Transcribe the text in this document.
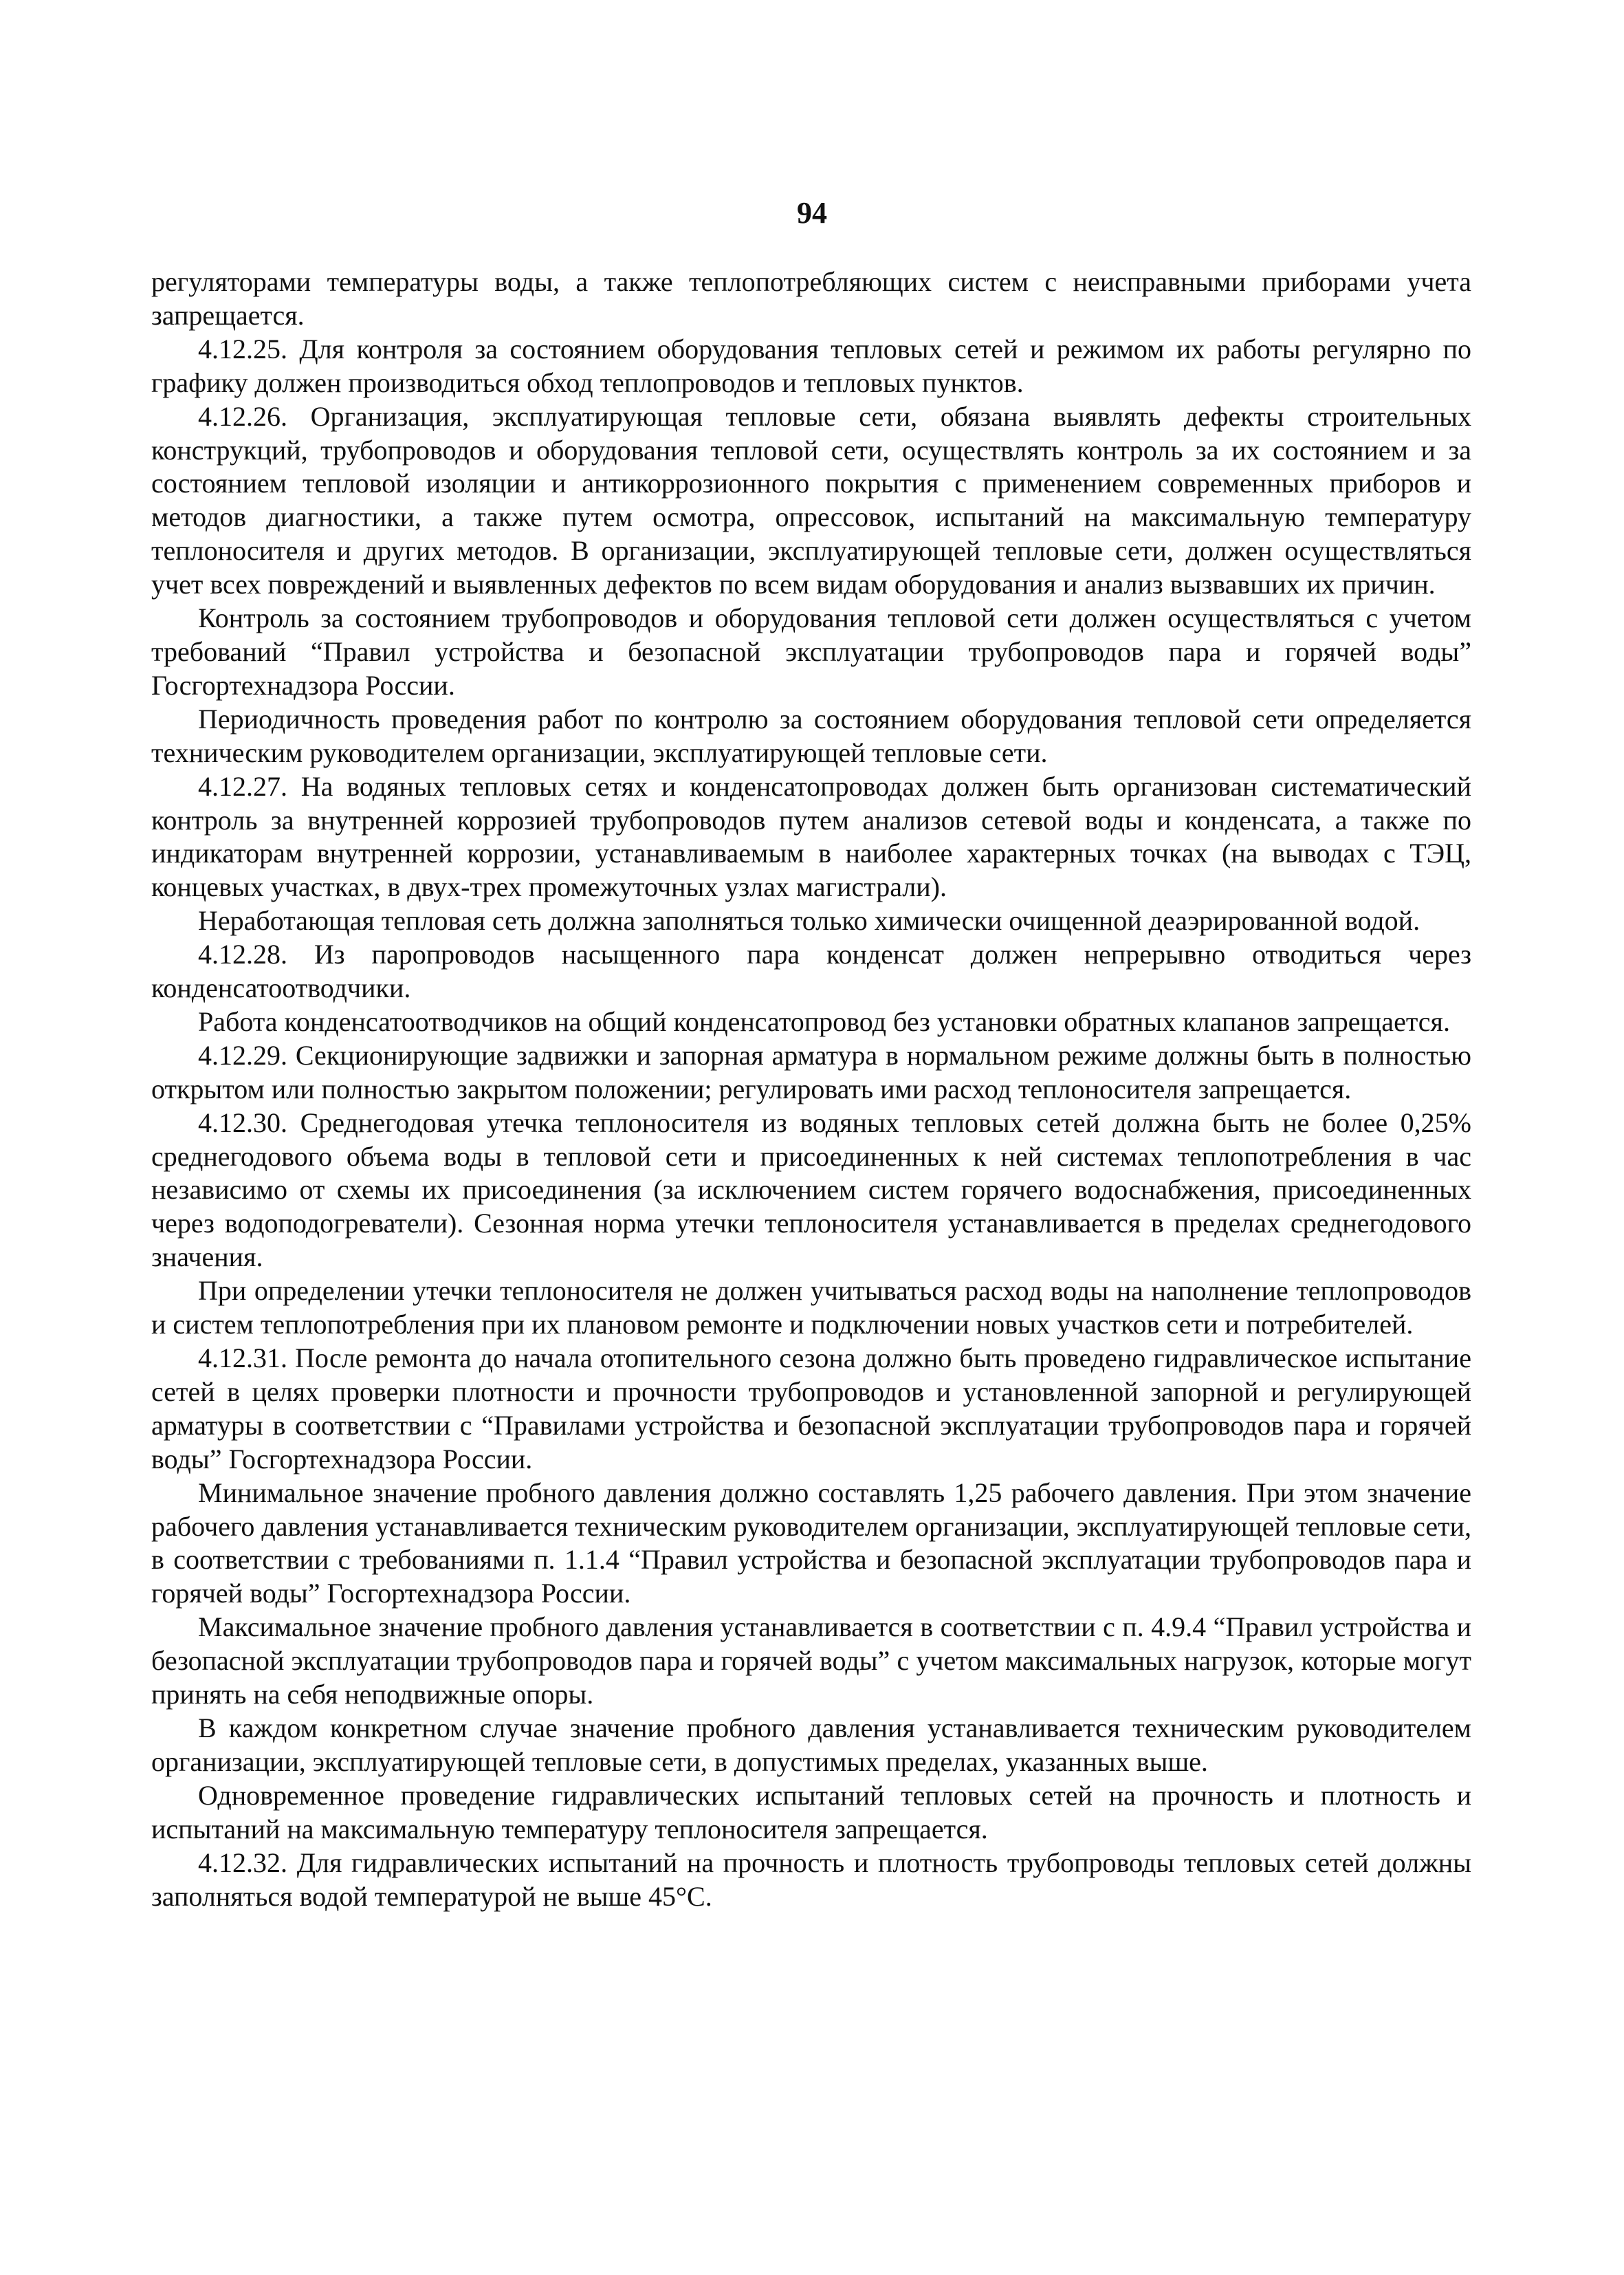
94

регуляторами температуры воды, а также теплопотребляющих систем с неисправными приборами учета запрещается.

4.12.25. Для контроля за состоянием оборудования тепловых сетей и режимом их работы регулярно по графику должен производиться обход теплопроводов и тепловых пунктов.

4.12.26. Организация, эксплуатирующая тепловые сети, обязана выявлять дефекты строительных конструкций, трубопроводов и оборудования тепловой сети, осуществлять контроль за их состоянием и за состоянием тепловой изоляции и антикоррозионного покрытия с применением современных приборов и методов диагностики, а также путем осмотра, опрессовок, испытаний на максимальную температуру теплоносителя и других методов. В организации, эксплуатирующей тепловые сети, должен осуществляться учет всех повреждений и выявленных дефектов по всем видам оборудования и анализ вызвавших их причин.

Контроль за состоянием трубопроводов и оборудования тепловой сети должен осуществляться с учетом требований “Правил устройства и безопасной эксплуатации трубопроводов пара и горячей воды” Госгортехнадзора России.

Периодичность проведения работ по контролю за состоянием оборудования тепловой сети определяется техническим руководителем организации, эксплуатирующей тепловые сети.

4.12.27. На водяных тепловых сетях и конденсатопроводах должен быть организован систематический контроль за внутренней коррозией трубопроводов путем анализов сетевой воды и конденсата, а также по индикаторам внутренней коррозии, устанавливаемым в наиболее характерных точках (на выводах с ТЭЦ, концевых участках, в двух-трех промежуточных узлах магистрали).

Неработающая тепловая сеть должна заполняться только химически очищенной деаэрированной водой.

4.12.28. Из паропроводов насыщенного пара конденсат должен непрерывно отводиться через конденсатоотводчики.

Работа конденсатоотводчиков на общий конденсатопровод без установки обратных клапанов запрещается.

4.12.29. Секционирующие задвижки и запорная арматура в нормальном режиме должны быть в полностью открытом или полностью закрытом положении; регулировать ими расход теплоносителя запрещается.

4.12.30. Среднегодовая утечка теплоносителя из водяных тепловых сетей должна быть не более 0,25% среднегодового объема воды в тепловой сети и присоединенных к ней системах теплопотребления в час независимо от схемы их присоединения (за исключением систем горячего водоснабжения, присоединенных через водоподогреватели). Сезонная норма утечки теплоносителя устанавливается в пределах среднегодового значения.

При определении утечки теплоносителя не должен учитываться расход воды на наполнение теплопроводов и систем теплопотребления при их плановом ремонте и подключении новых участков сети и потребителей.

4.12.31. После ремонта до начала отопительного сезона должно быть проведено гидравлическое испытание сетей в целях проверки плотности и прочности трубопроводов и установленной запорной и регулирующей арматуры в соответствии с “Правилами устройства и безопасной эксплуатации трубопроводов пара и горячей воды” Госгортехнадзора России.

Минимальное значение пробного давления должно составлять 1,25 рабочего давления. При этом значение рабочего давления устанавливается техническим руководителем организации, эксплуатирующей тепловые сети, в соответствии с требованиями п. 1.1.4 “Правил устройства и безопасной эксплуатации трубопроводов пара и горячей воды” Госгортехнадзора России.

Максимальное значение пробного давления устанавливается в соответствии с п. 4.9.4 “Правил устройства и безопасной эксплуатации трубопроводов пара и горячей воды” с учетом максимальных нагрузок, которые могут принять на себя неподвижные опоры.

В каждом конкретном случае значение пробного давления устанавливается техническим руководителем организации, эксплуатирующей тепловые сети, в допустимых пределах, указанных выше.

Одновременное проведение гидравлических испытаний тепловых сетей на прочность и плотность и испытаний на максимальную температуру теплоносителя запрещается.

4.12.32. Для гидравлических испытаний на прочность и плотность трубопроводы тепловых сетей должны заполняться водой температурой не выше 45°С.
